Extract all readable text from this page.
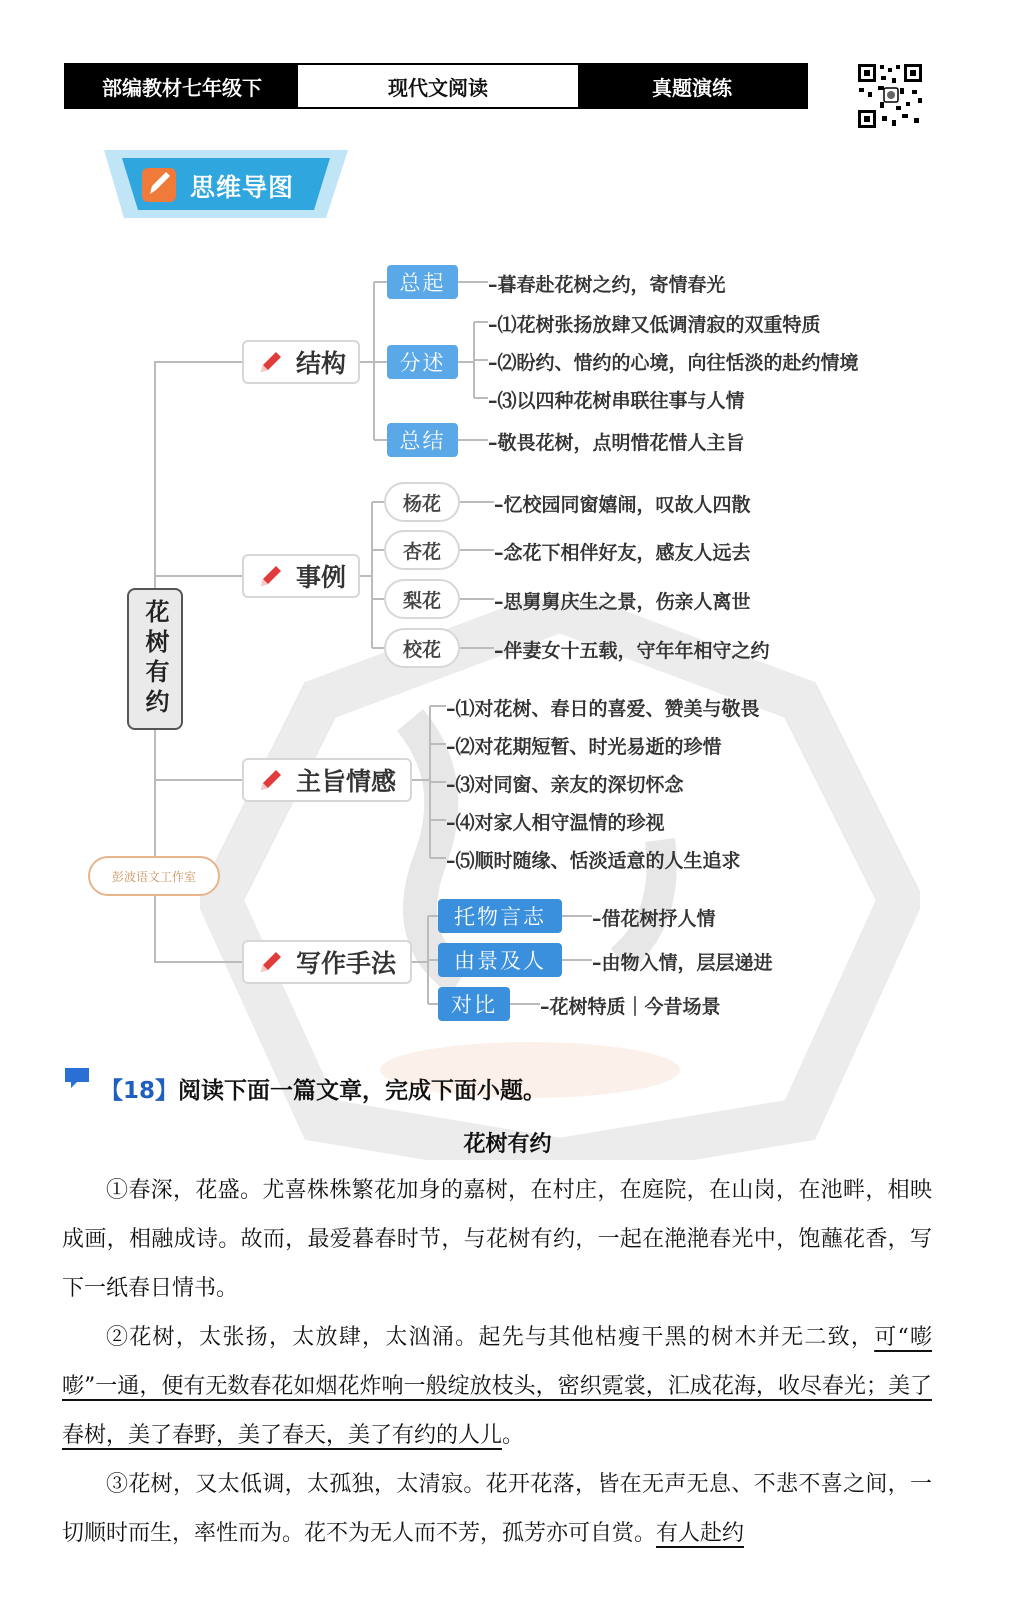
部编教材七年级下	现代文阅读	真题演练
思维导图
花树有约
彭波语文工作室
结构
总起
分述
总结
–暮春赴花树之约，寄情春光
–⑴花树张扬放肆又低调清寂的双重特质
–⑵盼约、惜约的心境，向往恬淡的赴约情境
–⑶以四种花树串联往事与人情
–敬畏花树，点明惜花惜人主旨
事例
杨花
杏花
梨花
校花
–忆校园同窗嬉闹，叹故人四散
–念花下相伴好友，感友人远去
–思舅舅庆生之景，伤亲人离世
–伴妻女十五载，守年年相守之约
主旨情感
–⑴对花树、春日的喜爱、赞美与敬畏
–⑵对花期短暂、时光易逝的珍惜
–⑶对同窗、亲友的深切怀念
–⑷对家人相守温情的珍视
–⑸顺时随缘、恬淡适意的人生追求
写作手法
托物言志
由景及人
对比
–借花树抒人情
–由物入情，层层递进
–花树特质｜今昔场景
【18】阅读下面一篇文章，完成下面小题。
花树有约
①春深，花盛。尤喜株株繁花加身的嘉树，在村庄，在庭院，在山岗，在池畔，相映成画，相融成诗。故而，最爱暮春时节，与花树有约，一起在滟滟春光中，饱蘸花香，写下一纸春日情书。
②花树，太张扬，太放肆，太汹涌。起先与其他枯瘦干黑的树木并无二致，可“嘭嘭”一通，便有无数春花如烟花炸响一般绽放枝头，密织霓裳，汇成花海，收尽春光；美了春树，美了春野，美了春天，美了有约的人儿。
③花树，又太低调，太孤独，太清寂。花开花落，皆在无声无息、不悲不喜之间，一切顺时而生，率性而为。花不为无人而不芳，孤芳亦可自赏。有人赴约
